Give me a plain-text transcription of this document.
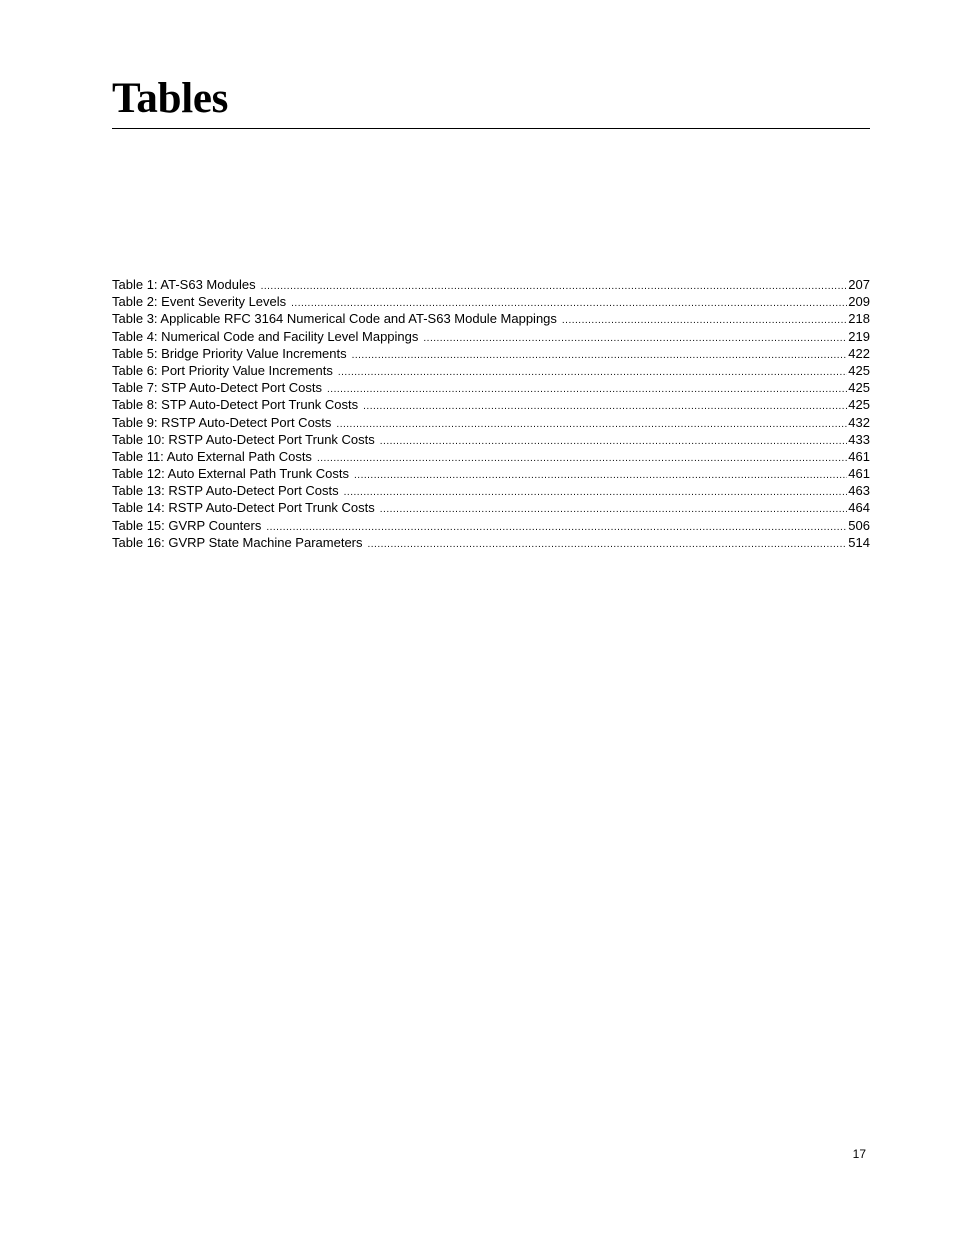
Tables
Table 1: AT-S63 Modules .....	207
Table 2: Event Severity Levels .....	209
Table 3: Applicable RFC 3164 Numerical Code and AT-S63 Module Mappings .....	218
Table 4: Numerical Code and Facility Level Mappings .....	219
Table 5: Bridge Priority Value Increments .....	422
Table 6: Port Priority Value Increments .....	425
Table 7: STP Auto-Detect Port Costs .....	425
Table 8: STP Auto-Detect Port Trunk Costs .....	425
Table 9: RSTP Auto-Detect Port Costs .....	432
Table 10: RSTP Auto-Detect Port Trunk Costs .....	433
Table 11: Auto External Path Costs .....	461
Table 12: Auto External Path Trunk Costs .....	461
Table 13: RSTP Auto-Detect Port Costs .....	463
Table 14: RSTP Auto-Detect Port Trunk Costs .....	464
Table 15: GVRP Counters .....	506
Table 16: GVRP State Machine Parameters .....	514
17
